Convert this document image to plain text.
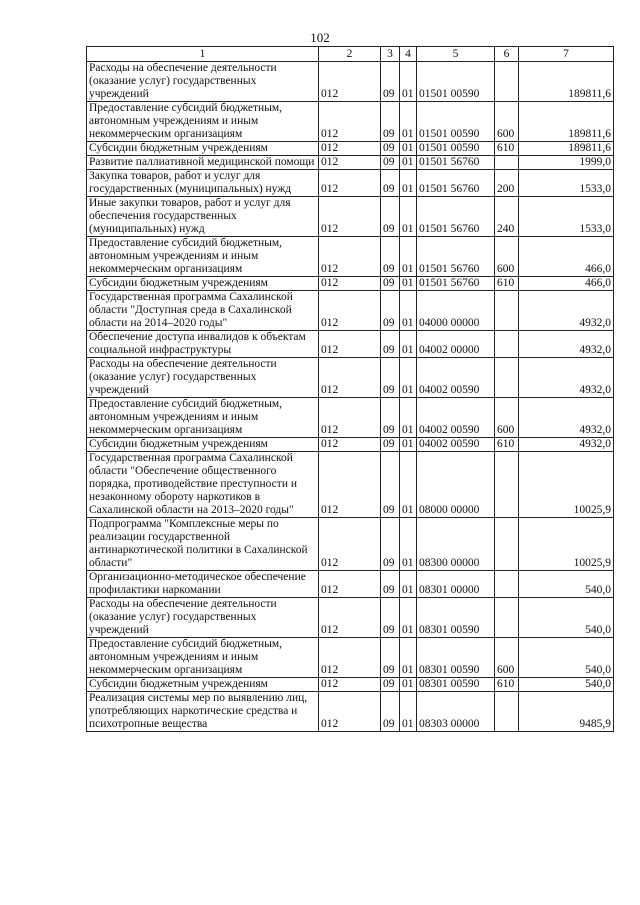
102
1	2	3	4	5	6	7
Расходы на обеспечение деятельности (оказание услуг) государственных учреждений	012	09	01	01501 00590		189811,6
Предоставление субсидий бюджетным, автономным учреждениям и иным некоммерческим организациям	012	09	01	01501 00590	600	189811,6
Субсидии бюджетным учреждениям	012	09	01	01501 00590	610	189811,6
Развитие паллиативной медицинской помощи	012	09	01	01501 56760		1999,0
Закупка товаров, работ и услуг для государственных (муниципальных) нужд	012	09	01	01501 56760	200	1533,0
Иные закупки товаров, работ и услуг для обеспечения государственных (муниципальных) нужд	012	09	01	01501 56760	240	1533,0
Предоставление субсидий бюджетным, автономным учреждениям и иным некоммерческим организациям	012	09	01	01501 56760	600	466,0
Субсидии бюджетным учреждениям	012	09	01	01501 56760	610	466,0
Государственная программа Сахалинской области "Доступная среда в Сахалинской области на 2014–2020 годы"	012	09	01	04000 00000		4932,0
Обеспечение доступа инвалидов к объектам социальной инфраструктуры	012	09	01	04002 00000		4932,0
Расходы на обеспечение деятельности (оказание услуг) государственных учреждений	012	09	01	04002 00590		4932,0
Предоставление субсидий бюджетным, автономным учреждениям и иным некоммерческим организациям	012	09	01	04002 00590	600	4932,0
Субсидии бюджетным учреждениям	012	09	01	04002 00590	610	4932,0
Государственная программа Сахалинской области "Обеспечение общественного порядка, противодействие преступности и незаконному обороту наркотиков в Сахалинской области на 2013–2020 годы"	012	09	01	08000 00000		10025,9
Подпрограмма "Комплексные меры по реализации государственной антинаркотической политики в Сахалинской области"	012	09	01	08300 00000		10025,9
Организационно-методическое обеспечение профилактики наркомании	012	09	01	08301 00000		540,0
Расходы на обеспечение деятельности (оказание услуг) государственных учреждений	012	09	01	08301 00590		540,0
Предоставление субсидий бюджетным, автономным учреждениям и иным некоммерческим организациям	012	09	01	08301 00590	600	540,0
Субсидии бюджетным учреждениям	012	09	01	08301 00590	610	540,0
Реализация системы мер по выявлению лиц, употребляющих наркотические средства и психотропные вещества	012	09	01	08303 00000		9485,9
